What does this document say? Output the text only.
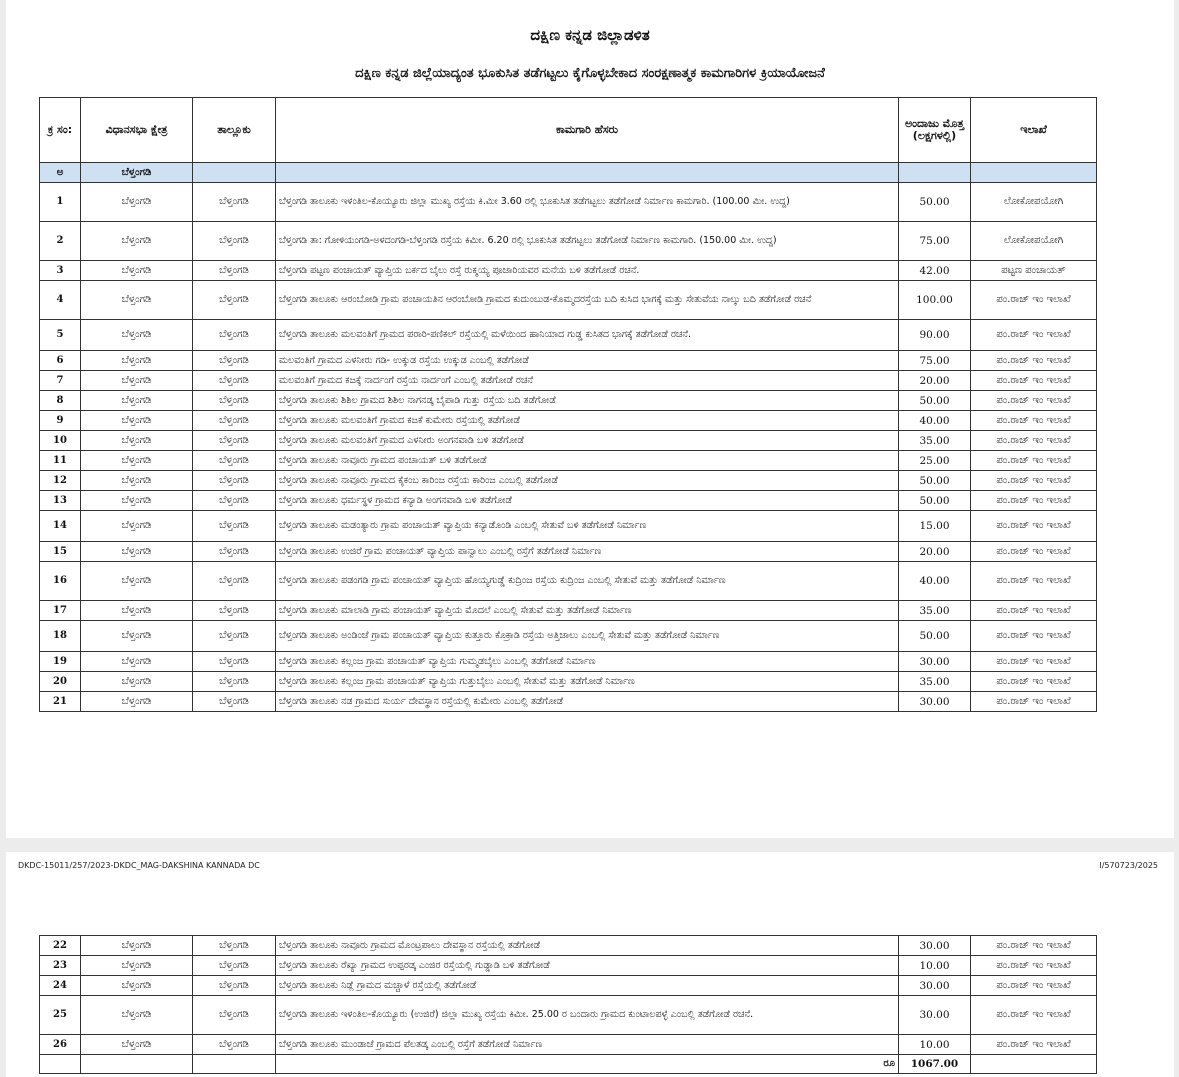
ದಕ್ಷಿಣ ಕನ್ನಡ ಜಿಲ್ಲಾಡಳಿತ
ದಕ್ಷಿಣ ಕನ್ನಡ ಜಿಲ್ಲೆಯಾದ್ಯಂತ ಭೂಕುಸಿತ ತಡೆಗಟ್ಟಲು ಕೈಗೊಳ್ಳಬೇಕಾದ ಸಂರಕ್ಷಣಾತ್ಮಕ ಕಾಮಗಾರಿಗಳ ಕ್ರಿಯಾಯೋಜನೆ
ಕ್ರ ಸಂ:	ವಿಧಾನಸಭಾ ಕ್ಷೇತ್ರ	ತಾಲ್ಲೂಕು	ಕಾಮಗಾರಿ ಹೆಸರು	ಅಂದಾಜು ಮೊತ್ತ (ಲಕ್ಷಗಳಲ್ಲಿ)	ಇಲಾಖೆ
ಅ	ಬೆಳ್ತಂಗಡಿ				
1	ಬೆಳ್ತಂಗಡಿ	ಬೆಳ್ತಂಗಡಿ	ಬೆಳ್ತಂಗಡಿ ತಾಲೂಕು ಇಳಂತಿಲ-ಕೊಯ್ಯೂರು ಜಿಲ್ಲಾ ಮುಖ್ಯ ರಸ್ತೆಯ ಕಿ.ಮೀ 3.60 ರಲ್ಲಿ ಭೂಕುಸಿತ ತಡೆಗಟ್ಟಲು ತಡೆಗೋಡೆ ನಿರ್ಮಾಣ ಕಾಮಗಾರಿ. (100.00 ಮೀ. ಉದ್ದ)	50.00	ಲೋಕೋಪಯೋಗಿ
2	ಬೆಳ್ತಂಗಡಿ	ಬೆಳ್ತಂಗಡಿ	ಬೆಳ್ತಂಗಡಿ ತಾ: ಗೋಳಿಯಂಗಡಿ-ಅಳದಂಗಡಿ-ಬೆಳ್ತಂಗಡಿ ರಸ್ತೆಯ ಕಿಮೀ. 6.20 ರಲ್ಲಿ ಭೂಕುಸಿತ ತಡೆಗಟ್ಟಲು ತಡೆಗೋಡೆ ನಿರ್ಮಾಣ ಕಾಮಗಾರಿ. (150.00 ಮೀ. ಉದ್ದ)	75.00	ಲೋಕೋಪಯೋಗಿ
3	ಬೆಳ್ತಂಗಡಿ	ಬೆಳ್ತಂಗಡಿ	ಬೆಳ್ತಂಗಡಿ ಪಟ್ಟಣ ಪಂಚಾಯತ್ ವ್ಯಾಪ್ತಿಯ ಬರ್ಕದ ಬೈಲು ರಸ್ತೆ ರುಕ್ಮಯ್ಯ ಪೂಜಾರಿಯವರ ಮನೆಯ ಬಳಿ ತಡೆಗೋಡೆ ರಚನೆ.	42.00	ಪಟ್ಟಣ ಪಂಚಾಯತ್
4	ಬೆಳ್ತಂಗಡಿ	ಬೆಳ್ತಂಗಡಿ	ಬೆಳ್ತಂಗಡಿ ತಾಲೂಕು ಆರಂಬೋಡಿ ಗ್ರಾಮ ಪಂಚಾಯತಿನ ಆರಂಬೋಡಿ ಗ್ರಾಮದ ಕುದುಂಬುಡ-ಕೊಮ್ಮದರಸ್ತೆಯ ಬದಿ ಕುಸಿದ ಭಾಗಕ್ಕೆ ಮತ್ತು ಸೇತುವೆಯ ನಾಲ್ಕು ಬದಿ ತಡೆಗೋಡೆ ರಚನೆ	100.00	ಪಂ.ರಾಜ್ ಇಂ ಇಲಾಖೆ
5	ಬೆಳ್ತಂಗಡಿ	ಬೆಳ್ತಂಗಡಿ	ಬೆಳ್ತಂಗಡಿ ತಾಲೂಕು ಮಲವಂತಿಗೆ ಗ್ರಾಮದ ಪರಾರಿ-ಪಣಿಕಲ್ ರಸ್ತೆಯಲ್ಲಿ ಮಳೆಯಿಂದ ಹಾನಿಯಾದ ಗುಡ್ಡ ಕುಸಿತದ ಭಾಗಕ್ಕೆ ತಡೆಗೋಡೆ ರಚನೆ.	90.00	ಪಂ.ರಾಜ್ ಇಂ ಇಲಾಖೆ
6	ಬೆಳ್ತಂಗಡಿ	ಬೆಳ್ತಂಗಡಿ	ಮಲವಂತಿಗೆ ಗ್ರಾಮದ ಎಳನೀರು ಗಡಿ- ಉಕ್ಕುಡ ರಸ್ತೆಯ ಉಕ್ಕುಡ ಎಂಬಲ್ಲಿ ತಡೆಗೋಡೆ	75.00	ಪಂ.ರಾಜ್ ಇಂ ಇಲಾಖೆ
7	ಬೆಳ್ತಂಗಡಿ	ಬೆಳ್ತಂಗಡಿ	ಮಲವಂತಿಗೆ ಗ್ರಾಮದ ಕಜಕ್ಕೆ ನಾರ್ದಂಗೆ ರಸ್ತೆಯ ನಾರ್ದಂಗೆ ಎಂಬಲ್ಲಿ ತಡೆಗೋಡೆ ರಚನೆ	20.00	ಪಂ.ರಾಜ್ ಇಂ ಇಲಾಖೆ
8	ಬೆಳ್ತಂಗಡಿ	ಬೆಳ್ತಂಗಡಿ	ಬೆಳ್ತಂಗಡಿ ತಾಲೂಕು ಶಿಶಿಲ ಗ್ರಾಮದ ಶಿಶಿಲ ನಾಗನಡ್ಕ ಬೈಪಾಡಿ ಗುತ್ತು ರಸ್ತೆಯ ಬದಿ ತಡೆಗೋಡೆ	50.00	ಪಂ.ರಾಜ್ ಇಂ ಇಲಾಖೆ
9	ಬೆಳ್ತಂಗಡಿ	ಬೆಳ್ತಂಗಡಿ	ಬೆಳ್ತಂಗಡಿ ತಾಲೂಕು ಮಲವಂತಿಗೆ ಗ್ರಾಮದ ಕಜಕೆ ಕುಮೇರು ರಸ್ತೆಯಲ್ಲಿ ತಡೆಗೋಡೆ	40.00	ಪಂ.ರಾಜ್ ಇಂ ಇಲಾಖೆ
10	ಬೆಳ್ತಂಗಡಿ	ಬೆಳ್ತಂಗಡಿ	ಬೆಳ್ತಂಗಡಿ ತಾಲೂಕು ಮಲವಂತಿಗೆ ಗ್ರಾಮದ ಎಳನೀರು ಅಂಗನವಾಡಿ ಬಳಿ ತಡೆಗೋಡೆ	35.00	ಪಂ.ರಾಜ್ ಇಂ ಇಲಾಖೆ
11	ಬೆಳ್ತಂಗಡಿ	ಬೆಳ್ತಂಗಡಿ	ಬೆಳ್ತಂಗಡಿ ತಾಲೂಕು ನಾವೂರು ಗ್ರಾಮದ ಪಂಚಾಯತ್ ಬಳಿ ತಡೆಗೋಡೆ	25.00	ಪಂ.ರಾಜ್ ಇಂ ಇಲಾಖೆ
12	ಬೆಳ್ತಂಗಡಿ	ಬೆಳ್ತಂಗಡಿ	ಬೆಳ್ತಂಗಡಿ ತಾಲೂಕು ನಾವೂರು ಗ್ರಾಮದ ಕೈಕಂಬ ಕಾರಿಂಜ ರಸ್ತೆಯ ಕಾರಿಂಜ ಎಂಬಲ್ಲಿ ತಡೆಗೋಡೆ	50.00	ಪಂ.ರಾಜ್ ಇಂ ಇಲಾಖೆ
13	ಬೆಳ್ತಂಗಡಿ	ಬೆಳ್ತಂಗಡಿ	ಬೆಳ್ತಂಗಡಿ ತಾಲೂಕು ಧರ್ಮಸ್ಥಳ ಗ್ರಾಮದ ಕನ್ಯಾಡಿ ಅಂಗನವಾಡಿ ಬಳಿ ತಡೆಗೋಡೆ	50.00	ಪಂ.ರಾಜ್ ಇಂ ಇಲಾಖೆ
14	ಬೆಳ್ತಂಗಡಿ	ಬೆಳ್ತಂಗಡಿ	ಬೆಳ್ತಂಗಡಿ ತಾಲೂಕು ಮಡಂತ್ಯಾರು ಗ್ರಾಮ ಪಂಚಾಯತ್ ವ್ಯಾಪ್ತಿಯ ಕನ್ಯಾಡೊಂಡಿ ಎಂಬಲ್ಲಿ ಸೇತುವೆ ಬಳಿ ತಡೆಗೋಡೆ ನಿರ್ಮಾಣ	15.00	ಪಂ.ರಾಜ್ ಇಂ ಇಲಾಖೆ
15	ಬೆಳ್ತಂಗಡಿ	ಬೆಳ್ತಂಗಡಿ	ಬೆಳ್ತಂಗಡಿ ತಾಲೂಕು ಉಜಿರೆ ಗ್ರಾಮ ಪಂಚಾಯತ್ ವ್ಯಾಪ್ತಿಯ ಪಾನ್ವಾಲು ಎಂಬಲ್ಲಿ ರಸ್ತೆಗೆ ತಡೆಗೋಡೆ ನಿರ್ಮಾಣ	20.00	ಪಂ.ರಾಜ್ ಇಂ ಇಲಾಖೆ
16	ಬೆಳ್ತಂಗಡಿ	ಬೆಳ್ತಂಗಡಿ	ಬೆಳ್ತಂಗಡಿ ತಾಲೂಕು ಪಡಂಗಡಿ ಗ್ರಾಮ ಪಂಚಾಯತ್ ವ್ಯಾಪ್ತಿಯ ಹೊಯ್ಯಗುಡ್ಡೆ ಕುದ್ರಿಂಜ ರಸ್ತೆಯ ಕುದ್ರಿಂಜ ಎಂಬಲ್ಲಿ ಸೇತುವೆ ಮತ್ತು ತಡೆಗೋಡೆ ನಿರ್ಮಾಣ	40.00	ಪಂ.ರಾಜ್ ಇಂ ಇಲಾಖೆ
17	ಬೆಳ್ತಂಗಡಿ	ಬೆಳ್ತಂಗಡಿ	ಬೆಳ್ತಂಗಡಿ ತಾಲೂಕು ಮಾಲಾಡಿ ಗ್ರಾಮ ಪಂಚಾಯತ್ ವ್ಯಾಪ್ತಿಯ ಮೊದಲೆ ಎಂಬಲ್ಲಿ ಸೇತುವೆ ಮತ್ತು ತಡೆಗೋಡೆ ನಿರ್ಮಾಣ	35.00	ಪಂ.ರಾಜ್ ಇಂ ಇಲಾಖೆ
18	ಬೆಳ್ತಂಗಡಿ	ಬೆಳ್ತಂಗಡಿ	ಬೆಳ್ತಂಗಡಿ ತಾಲೂಕು ಅಂಡಿಂಜೆ ಗ್ರಾಮ ಪಂಚಾಯತ್ ವ್ಯಾಪ್ತಿಯ ಕುತ್ತೂರು ಕೊಕ್ರಾಡಿ ರಸ್ತೆಯ ಅತ್ತಿಜಾಲು ಎಂಬಲ್ಲಿ ಸೇತುವೆ ಮತ್ತು ತಡೆಗೋಡೆ ನಿರ್ಮಾಣ	50.00	ಪಂ.ರಾಜ್ ಇಂ ಇಲಾಖೆ
19	ಬೆಳ್ತಂಗಡಿ	ಬೆಳ್ತಂಗಡಿ	ಬೆಳ್ತಂಗಡಿ ತಾಲೂಕು ಕಲ್ಲಂಜ ಗ್ರಾಮ ಪಂಚಾಯತ್ ವ್ಯಾಪ್ತಿಯ ಗುಮ್ಮಡಬೈಲು ಎಂಬಲ್ಲಿ ತಡೆಗೋಡೆ ನಿರ್ಮಾಣ	30.00	ಪಂ.ರಾಜ್ ಇಂ ಇಲಾಖೆ
20	ಬೆಳ್ತಂಗಡಿ	ಬೆಳ್ತಂಗಡಿ	ಬೆಳ್ತಂಗಡಿ ತಾಲೂಕು ಕಲ್ಲಂಜ ಗ್ರಾಮ ಪಂಚಾಯತ್ ವ್ಯಾಪ್ತಿಯ ಗುತ್ತುಬೈಲು ಎಂಬಲ್ಲಿ ಸೇತುವೆ ಮತ್ತು ತಡೆಗೋಡೆ ನಿರ್ಮಾಣ	35.00	ಪಂ.ರಾಜ್ ಇಂ ಇಲಾಖೆ
21	ಬೆಳ್ತಂಗಡಿ	ಬೆಳ್ತಂಗಡಿ	ಬೆಳ್ತಂಗಡಿ ತಾಲೂಕು ನಡ ಗ್ರಾಮದ ಸುರ್ಯ ದೇವಸ್ಥಾನ ರಸ್ತೆಯಲ್ಲಿ ಕುಮೇರು ಎಂಬಲ್ಲಿ ತಡೆಗೋಡೆ	30.00	ಪಂ.ರಾಜ್ ಇಂ ಇಲಾಖೆ
DKDC-15011/257/2023-DKDC_MAG-DAKSHINA KANNADA DC	I/570723/2025
22	ಬೆಳ್ತಂಗಡಿ	ಬೆಳ್ತಂಗಡಿ	ಬೆಳ್ತಂಗಡಿ ತಾಲೂಕು ನಾವೂರು ಗ್ರಾಮದ ಮೊಂಟ್ರಪಾಲು ದೇವಸ್ಥಾನ ರಸ್ತೆಯಲ್ಲಿ ತಡೆಗೋಡೆ	30.00	ಪಂ.ರಾಜ್ ಇಂ ಇಲಾಖೆ
23	ಬೆಳ್ತಂಗಡಿ	ಬೆಳ್ತಂಗಡಿ	ಬೆಳ್ತಂಗಡಿ ತಾಲೂಕು ರೆಖ್ಯಾ ಗ್ರಾಮದ ಉಪ್ಪರಡ್ಕ ಎಂಜಿರ ರಸ್ತೆಯಲ್ಲಿ ಗುಡ್ಡಾಡಿ ಬಳಿ ತಡೆಗೋಡೆ	10.00	ಪಂ.ರಾಜ್ ಇಂ ಇಲಾಖೆ
24	ಬೆಳ್ತಂಗಡಿ	ಬೆಳ್ತಂಗಡಿ	ಬೆಳ್ತಂಗಡಿ ತಾಲೂಕು ನಿಡ್ಲೆ ಗ್ರಾಮದ ಮಚ್ಚಾಳೆ ರಸ್ತೆಯಲ್ಲಿ ತಡೆಗೋಡೆ	30.00	ಪಂ.ರಾಜ್ ಇಂ ಇಲಾಖೆ
25	ಬೆಳ್ತಂಗಡಿ	ಬೆಳ್ತಂಗಡಿ	ಬೆಳ್ತಂಗಡಿ ತಾಲೂಕು ಇಳಂತಿಲ-ಕೊಯ್ಯೂರು (ಉಜಿರೆ) ಜಿಲ್ಲಾ ಮುಖ್ಯ ರಸ್ತೆಯ ಕಿಮೀ. 25.00 ರ ಬಂದಾರು ಗ್ರಾಮದ ಕುಂಟಾಲಪಳ್ಳೆ ಎಂಬಲ್ಲಿ ತಡೆಗೋಡೆ ರಚನೆ.	30.00	ಪಂ.ರಾಜ್ ಇಂ ಇಲಾಖೆ
26	ಬೆಳ್ತಂಗಡಿ	ಬೆಳ್ತಂಗಡಿ	ಬೆಳ್ತಂಗಡಿ ತಾಲೂಕು ಮುಂಡಾಜೆ ಗ್ರಾಮದ ಪೆಲತಡ್ಕ ಎಂಬಲ್ಲಿ ರಸ್ತೆಗೆ ತಡೆಗೋಡೆ ನಿರ್ಮಾಣ	10.00	ಪಂ.ರಾಜ್ ಇಂ ಇಲಾಖೆ
			ರೂ	1067.00	
